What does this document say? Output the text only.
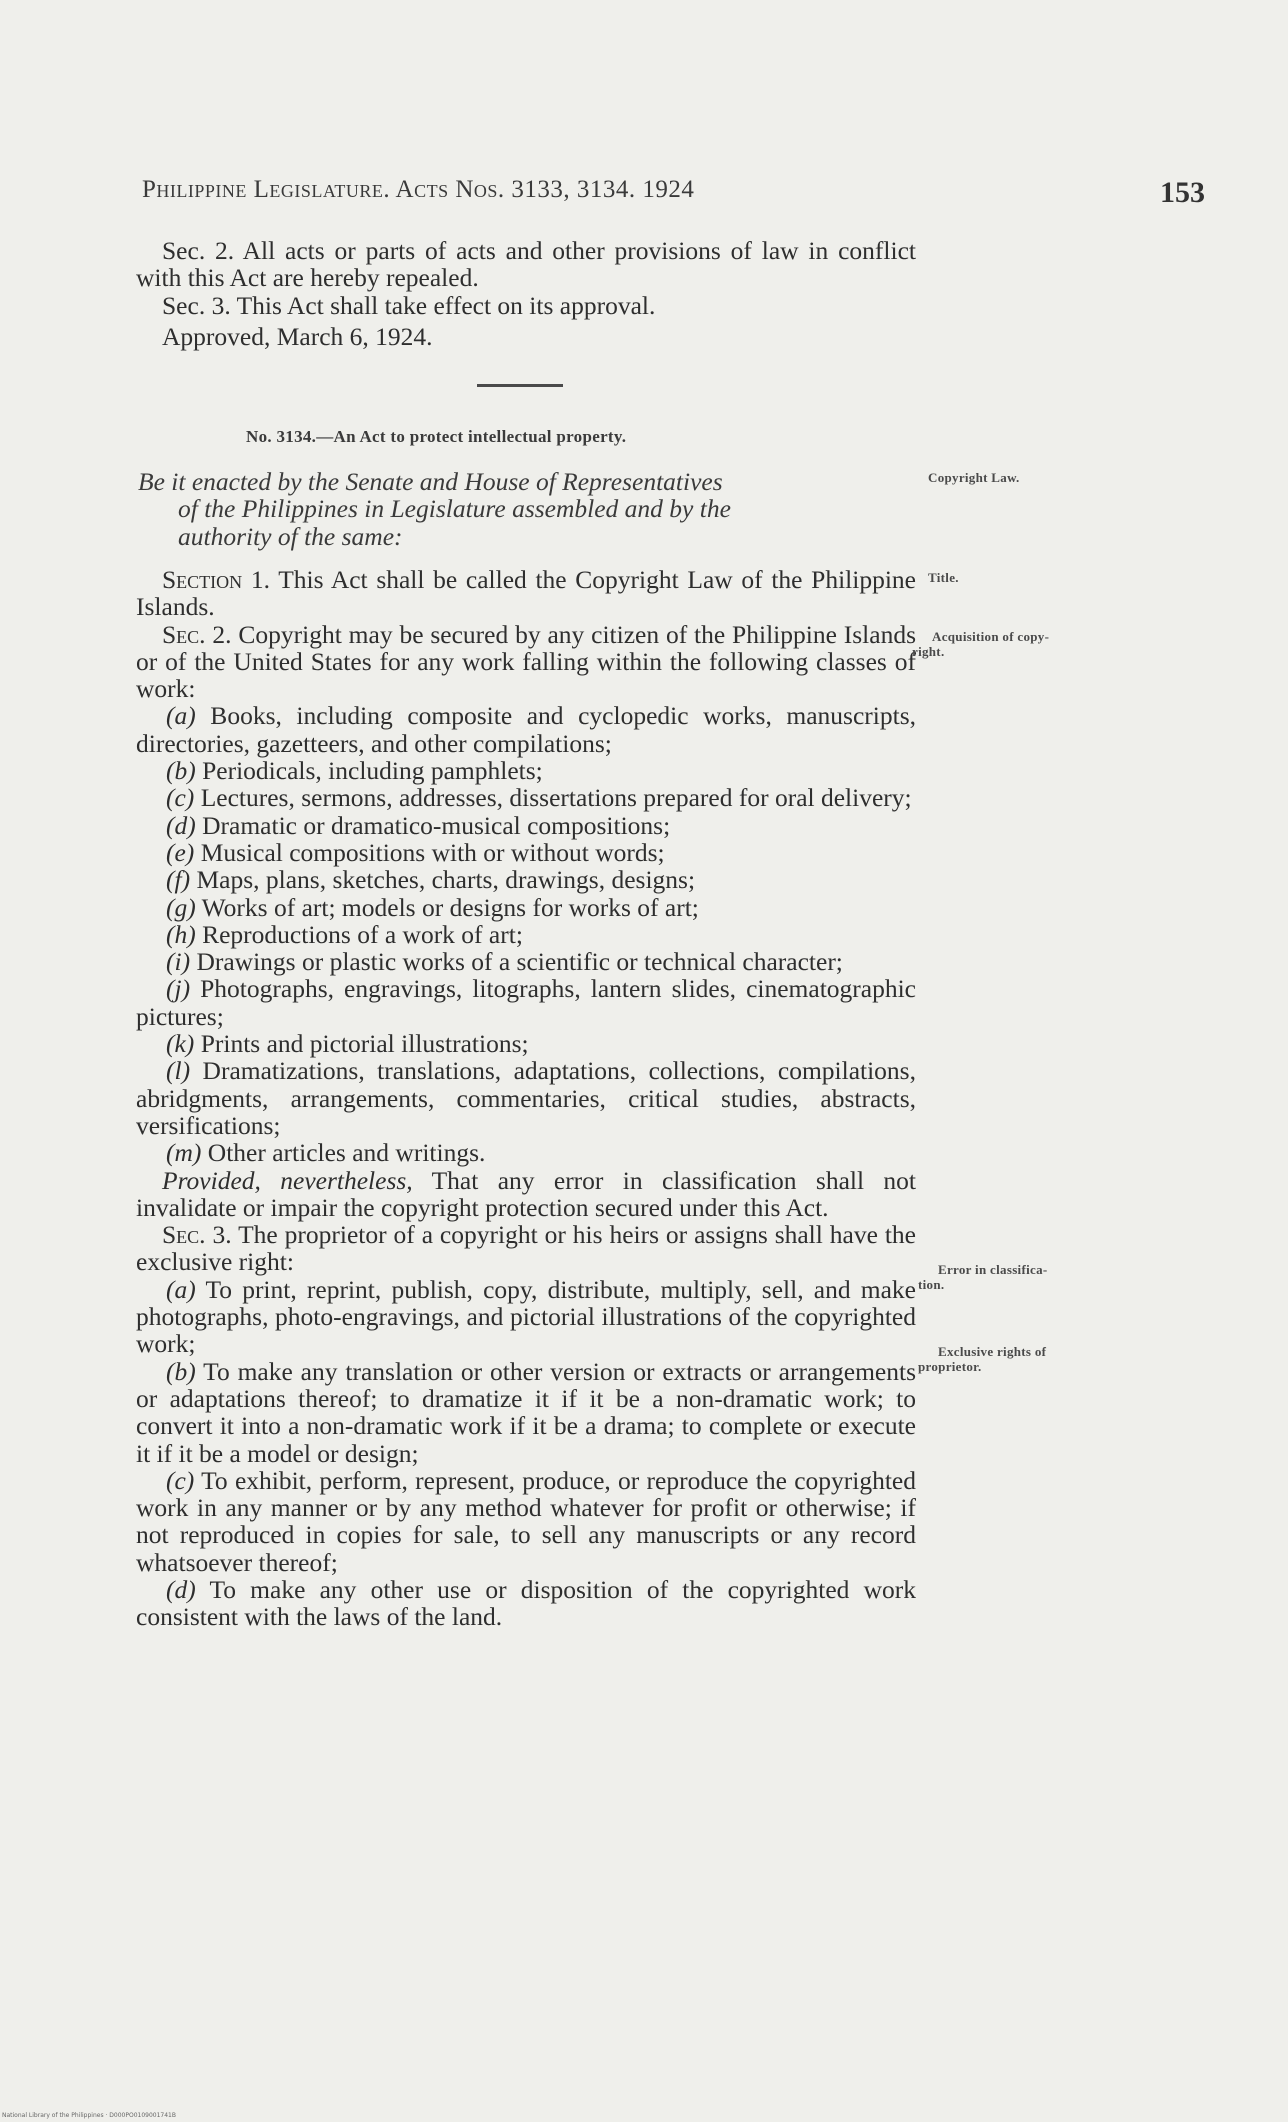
Philippine Legislature. Acts Nos. 3133, 3134. 1924	153

Sec. 2. All acts or parts of acts and other provisions of law in conflict with this Act are hereby repealed.

Sec. 3. This Act shall take effect on its approval.

Approved, March 6, 1924.

No. 3134.—An Act to protect intellectual property.
Be it enacted by the Senate and House of Representatives
of the Philippines in Legislature assembled and by the
authority of the same:

Section 1. This Act shall be called the Copyright Law of the Philippine Islands.

Sec. 2. Copyright may be secured by any citizen of the Philippine Islands or of the United States for any work falling within the following classes of work:

(a) Books, including composite and cyclopedic works, manuscripts, directories, gazetteers, and other compilations;

(b) Periodicals, including pamphlets;

(c) Lectures, sermons, addresses, dissertations prepared for oral delivery;

(d) Dramatic or dramatico-musical compositions;

(e) Musical compositions with or without words;

(f) Maps, plans, sketches, charts, drawings, designs;

(g) Works of art; models or designs for works of art;

(h) Reproductions of a work of art;

(i) Drawings or plastic works of a scientific or technical character;

(j) Photographs, engravings, litographs, lantern slides, cinematographic pictures;

(k) Prints and pictorial illustrations;

(l) Dramatizations, translations, adaptations, collections, compilations, abridgments, arrangements, commentaries, critical studies, abstracts, versifications;

(m) Other articles and writings.

Provided, nevertheless, That any error in classification shall not invalidate or impair the copyright protection secured under this Act.

Sec. 3. The proprietor of a copyright or his heirs or assigns shall have the exclusive right:

(a) To print, reprint, publish, copy, distribute, multiply, sell, and make photographs, photo-engravings, and pictorial illustrations of the copyrighted work;

(b) To make any translation or other version or extracts or arrangements or adaptations thereof; to dramatize it if it be a non-dramatic work; to convert it into a non-dramatic work if it be a drama; to complete or execute it if it be a model or design;

(c) To exhibit, perform, represent, produce, or reproduce the copyrighted work in any manner or by any method whatever for profit or otherwise; if not reproduced in copies for sale, to sell any manuscripts or any record whatsoever thereof;

(d) To make any other use or disposition of the copyrighted work consistent with the laws of the land.

Copyright Law.
Title.
Acquisition of copy-
right.
Error in classifica-
tion.
Exclusive rights of
proprietor.
National Library of the Philippines · D000PO0109001741B
